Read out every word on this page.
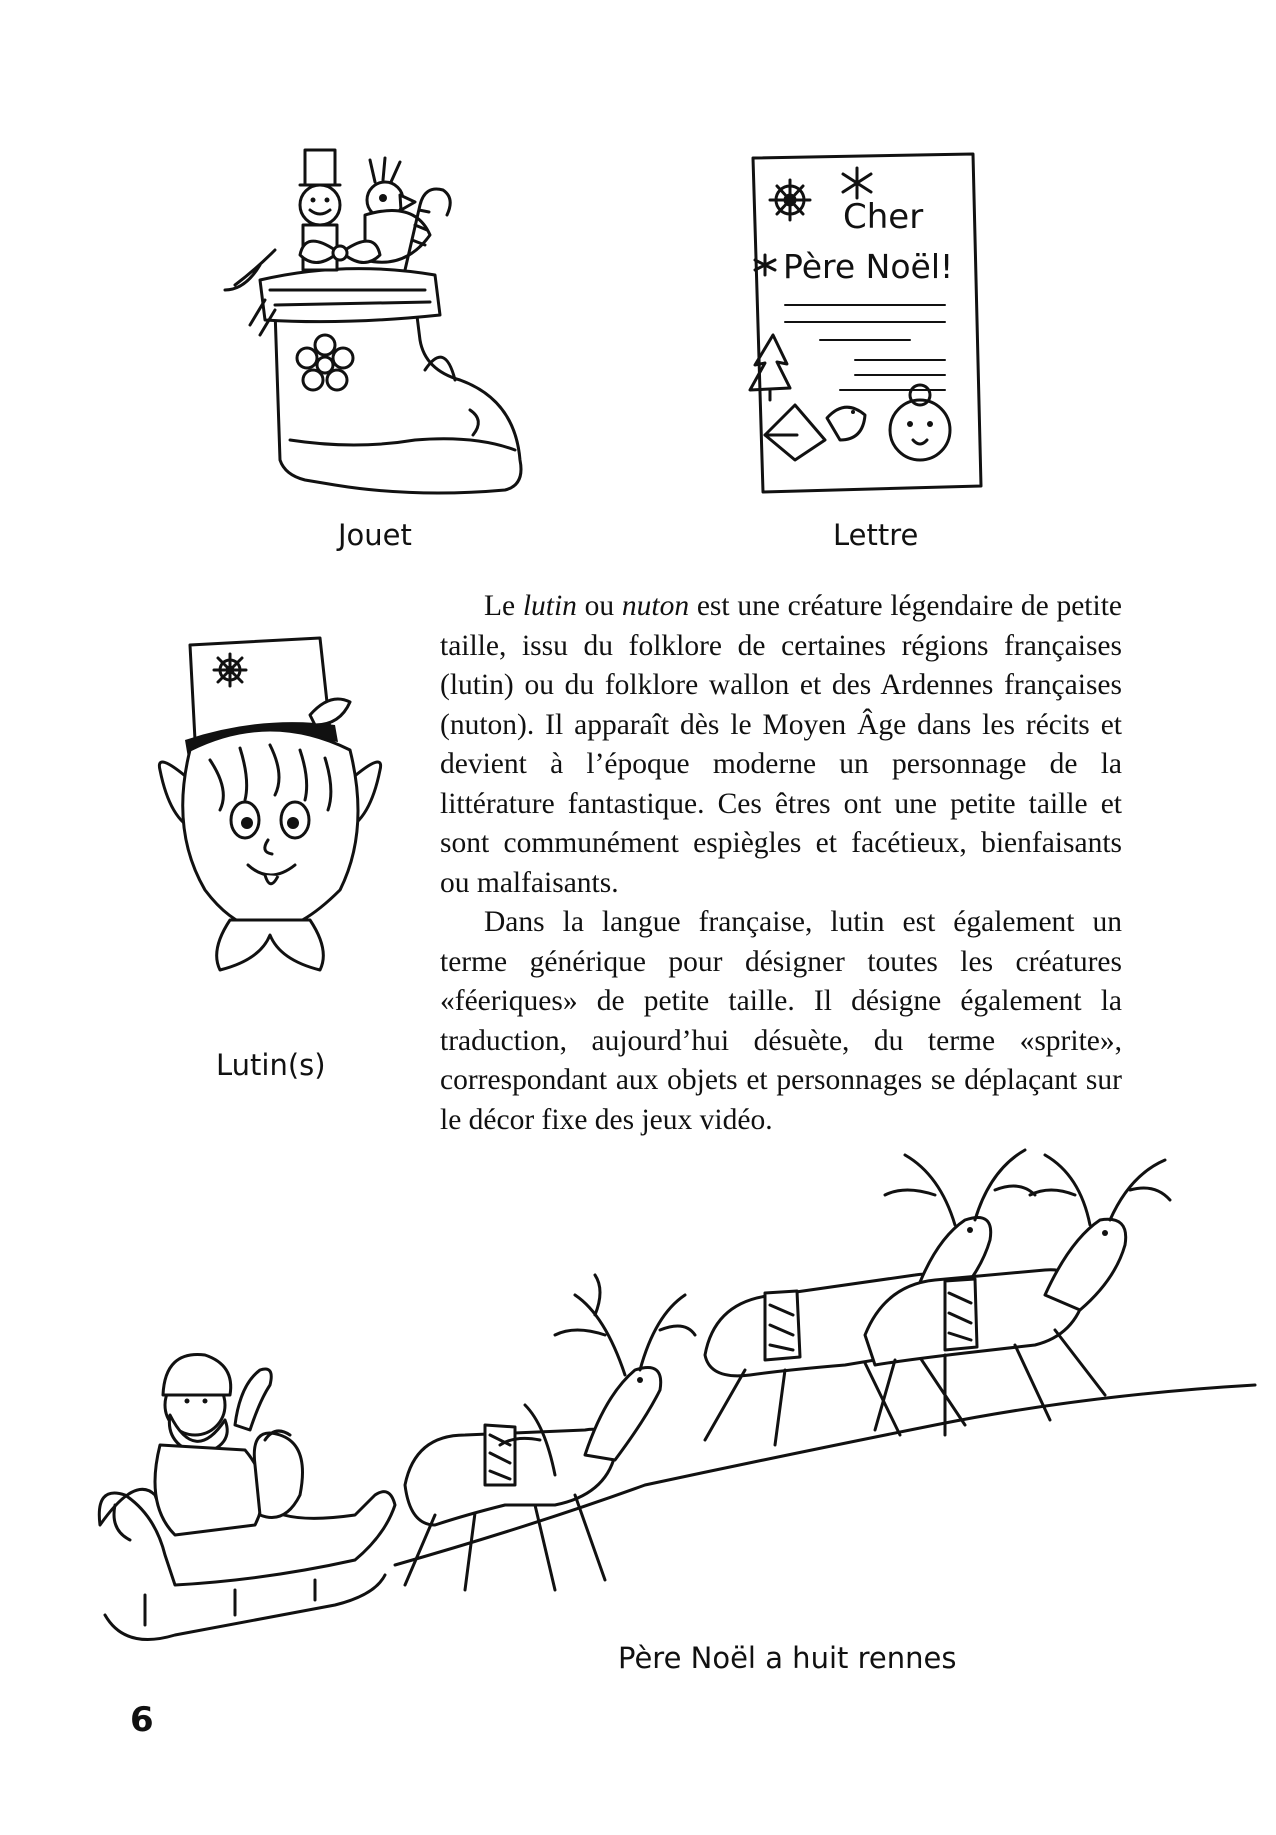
Jouet
Cher
Père Noël!
Lettre
Lutin(s)

Le lutin ou nuton est une créature légendaire de petite taille, issu du folklore de certaines régions françaises (lutin) ou du folklore wallon et des Ardennes françaises (nuton). Il apparaît dès le Moyen Âge dans les récits et devient à l’époque moderne un personnage de la littérature fantastique. Ces êtres ont une petite taille et sont communément espiègles et facétieux, bienfaisants ou malfaisants.

Dans la langue française, lutin est également un terme générique pour désigner toutes les créatures «féeriques» de petite taille. Il désigne également la traduction, aujourd’hui désuète, du terme «sprite», correspondant aux objets et personnages se déplaçant sur le décor fixe des jeux vidéo.

Père Noël a huit rennes
6
